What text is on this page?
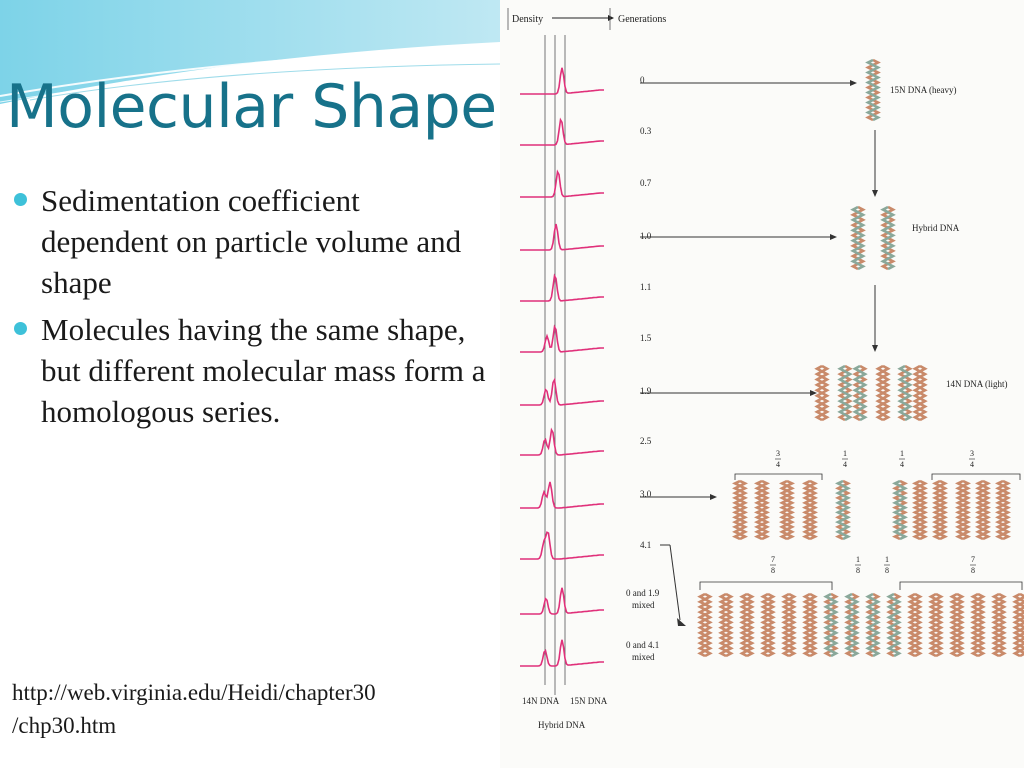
Molecular Shape
Sedimentation coefficient dependent on particle volume and shape
Molecules having the same shape, but different molecular mass form a homologous series.
http://web.virginia.edu/Heidi/chapter30
/chp30.htm
Density	Generations
0
0.3
0.7
1.0
1.1
1.5
1.9
2.5
3.0
4.1
0 and 1.9
mixed
0 and 4.1
mixed
15N DNA (heavy)
Hybrid DNA
14N DNA (light)
14N DNA
Hybrid DNA
15N DNA
3
4
1
4
1
4
3
4
7
8
1
8
1
8
7
8
